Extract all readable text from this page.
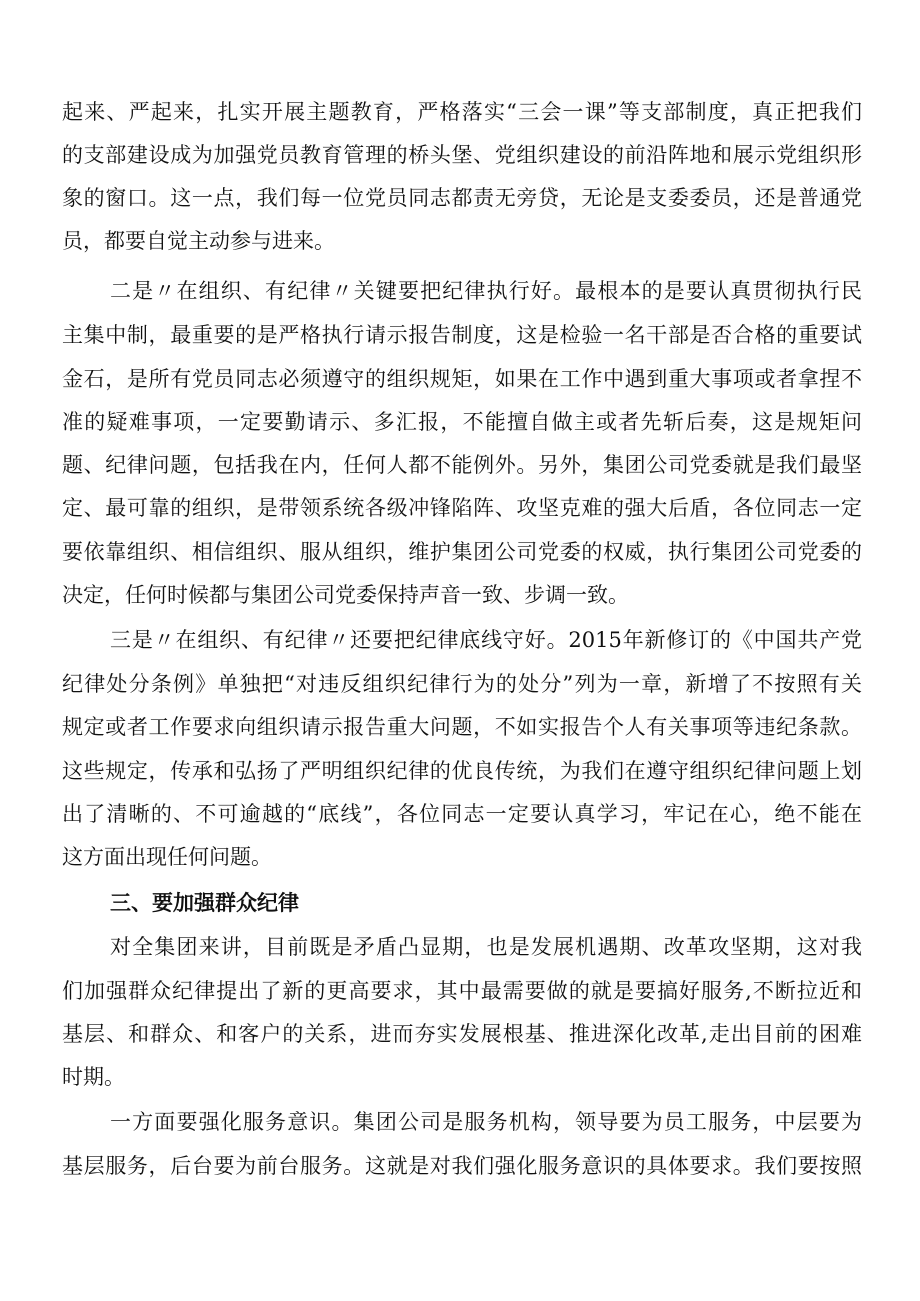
起来、严起来，扎实开展主题教育，严格落实“三会一课”等支部制度，真正把我们
的支部建设成为加强党员教育管理的桥头堡、党组织建设的前沿阵地和展示党组织形
象的窗口。这一点，我们每一位党员同志都责无旁贷，无论是支委委员，还是普通党
员，都要自觉主动参与进来。
二是〃在组织、有纪律〃关键要把纪律执行好。最根本的是要认真贯彻执行民
主集中制，最重要的是严格执行请示报告制度，这是检验一名干部是否合格的重要试
金石，是所有党员同志必须遵守的组织规矩，如果在工作中遇到重大事项或者拿捏不
准的疑难事项，一定要勤请示、多汇报，不能擅自做主或者先斩后奏，这是规矩问
题、纪律问题，包括我在内，任何人都不能例外。另外，集团公司党委就是我们最坚
定、最可靠的组织，是带领系统各级冲锋陷阵、攻坚克难的强大后盾，各位同志一定
要依靠组织、相信组织、服从组织，维护集团公司党委的权威，执行集团公司党委的
决定，任何时候都与集团公司党委保持声音一致、步调一致。
三是〃在组织、有纪律〃还要把纪律底线守好。2015年新修订的《中国共产党
纪律处分条例》单独把“对违反组织纪律行为的处分”列为一章，新增了不按照有关
规定或者工作要求向组织请示报告重大问题，不如实报告个人有关事项等违纪条款。
这些规定，传承和弘扬了严明组织纪律的优良传统，为我们在遵守组织纪律问题上划
出了清晰的、不可逾越的“底线”，各位同志一定要认真学习，牢记在心，绝不能在
这方面出现任何问题。
三、要加强群众纪律
对全集团来讲，目前既是矛盾凸显期，也是发展机遇期、改革攻坚期，这对我
们加强群众纪律提出了新的更高要求，其中最需要做的就是要搞好服务,不断拉近和
基层、和群众、和客户的关系，进而夯实发展根基、推进深化改革,走出目前的困难
时期。
一方面要强化服务意识。集团公司是服务机构，领导要为员工服务，中层要为
基层服务，后台要为前台服务。这就是对我们强化服务意识的具体要求。我们要按照
